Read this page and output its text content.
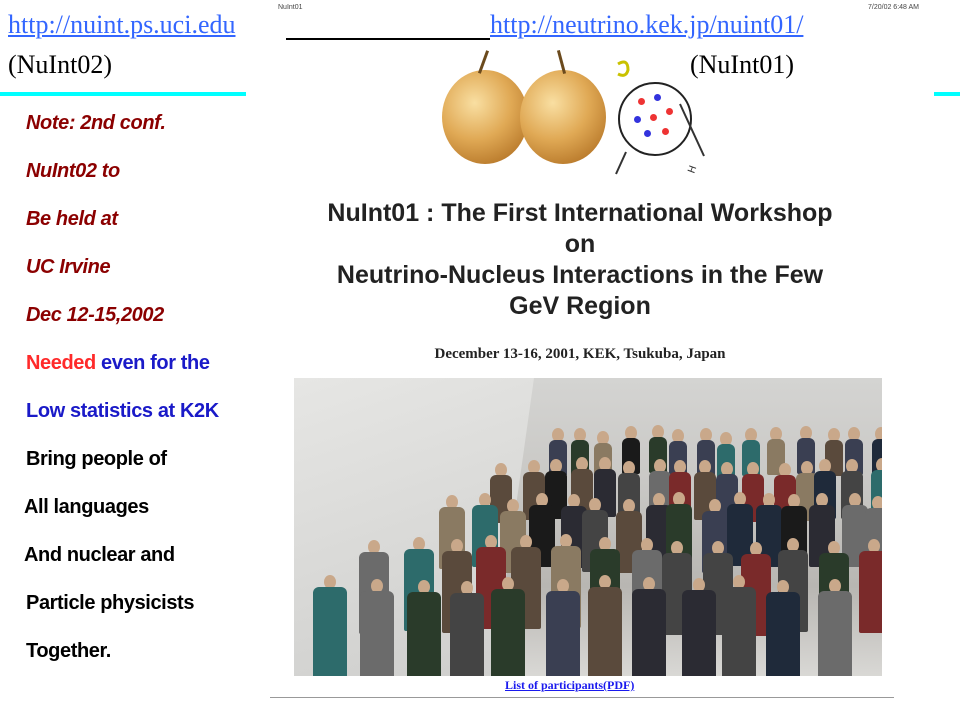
http://nuint.ps.uci.edu	http://neutrino.kek.jp/nuint01/
(NuInt02)	(NuInt01)
Note: 2nd conf.
NuInt02 to
Be held at
UC Irvine
Dec 12-15,2002
Needed even for the
Low statistics at K2K
Bring people of
All languages
And nuclear and
Particle physicists
Together.
NuInt01	7/20/02 6:48 AM
H
NuInt01 : The First International Workshop
on
Neutrino-Nucleus Interactions in the Few
GeV Region
December 13-16, 2001, KEK, Tsukuba, Japan
List of participants(PDF)
